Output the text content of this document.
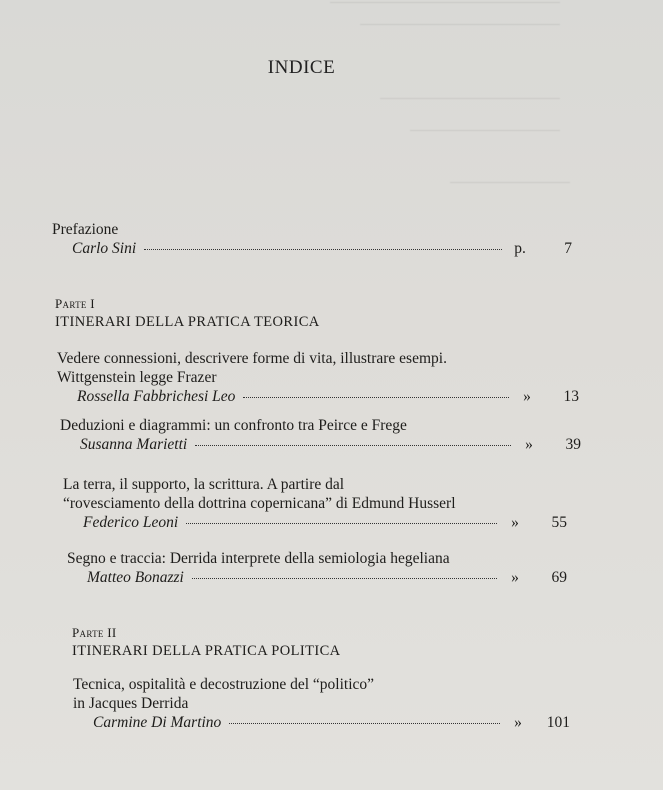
INDICE
Prefazione
Carlo Sini	p.	7
Parte I
ITINERARI DELLA PRATICA TEORICA
Vedere connessioni, descrivere forme di vita, illustrare esempi.
Wittgenstein legge Frazer
Rossella Fabbrichesi Leo	»	13
Deduzioni e diagrammi: un confronto tra Peirce e Frege
Susanna Marietti	»	39
La terra, il supporto, la scrittura. A partire dal
“rovesciamento della dottrina copernicana” di Edmund Husserl
Federico Leoni	»	55
Segno e traccia: Derrida interprete della semiologia hegeliana
Matteo Bonazzi	»	69
Parte II
ITINERARI DELLA PRATICA POLITICA
Tecnica, ospitalità e decostruzione del “politico”
in Jacques Derrida
Carmine Di Martino	»	101
